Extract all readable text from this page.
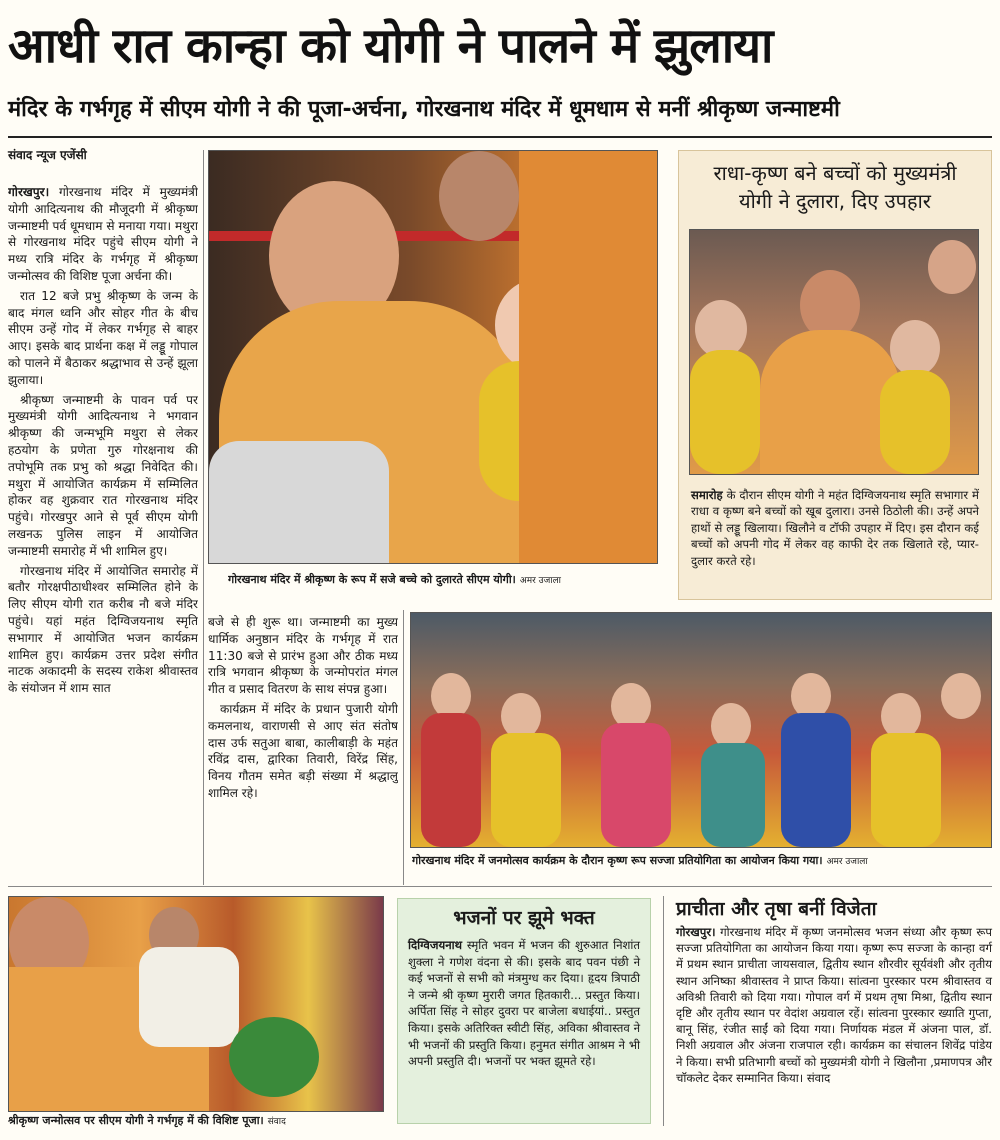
आधी रात कान्हा को योगी ने पालने में झुलाया
मंदिर के गर्भगृह में सीएम योगी ने की पूजा-अर्चना, गोरखनाथ मंदिर में धूमधाम से मनीं श्रीकृष्ण जन्माष्टमी
संवाद न्यूज एजेंसी

गोरखपुर। गोरखनाथ मंदिर में मुख्यमंत्री योगी आदित्यनाथ की मौजूदगी में श्रीकृष्ण जन्माष्टमी पर्व धूमधाम से मनाया गया। मथुरा से गोरखनाथ मंदिर पहुंचे सीएम योगी ने मध्य रात्रि मंदिर के गर्भगृह में श्रीकृष्ण जन्मोत्सव की विशिष्ट पूजा अर्चना की।

रात 12 बजे प्रभु श्रीकृष्ण के जन्म के बाद मंगल ध्वनि और सोहर गीत के बीच सीएम उन्हें गोद में लेकर गर्भगृह से बाहर आए। इसके बाद प्रार्थना कक्ष में लड्डू गोपाल को पालने में बैठाकर श्रद्धाभाव से उन्हें झूला झुलाया।

श्रीकृष्ण जन्माष्टमी के पावन पर्व पर मुख्यमंत्री योगी आदित्यनाथ ने भगवान श्रीकृष्ण की जन्मभूमि मथुरा से लेकर हठयोग के प्रणेता गुरु गोरक्षनाथ की तपोभूमि तक प्रभु को श्रद्धा निवेदित की। मथुरा में आयोजित कार्यक्रम में सम्मिलित होकर वह शुक्रवार रात गोरखनाथ मंदिर पहुंचे। गोरखपुर आने से पूर्व सीएम योगी लखनऊ पुलिस लाइन में आयोजित जन्माष्टमी समारोह में भी शामिल हुए।

गोरखनाथ मंदिर में आयोजित समारोह में बतौर गोरक्षपीठाधीश्वर सम्मिलित होने के लिए सीएम योगी रात करीब नौ बजे मंदिर पहुंचे। यहां महंत दिग्विजयनाथ स्मृति सभागार में आयोजित भजन कार्यक्रम शामिल हुए। कार्यक्रम उत्तर प्रदेश संगीत नाटक अकादमी के सदस्य राकेश श्रीवास्तव के संयोजन में शाम सात

गोरखनाथ मंदिर में श्रीकृष्ण के रूप में सजे बच्चे को दुलारते सीएम योगी। अमर उजाला
राधा-कृष्ण बने बच्चों को मुख्यमंत्री योगी ने दुलारा, दिए उपहार
समारोह के दौरान सीएम योगी ने महंत दिग्विजयनाथ स्मृति सभागार में राधा व कृष्ण बने बच्चों को खूब दुलारा। उनसे ठिठोली की। उन्हें अपने हाथों से लड्डू खिलाया। खिलौने व टॉफी उपहार में दिए। इस दौरान कई बच्चों को अपनी गोद में लेकर वह काफी देर तक खिलाते रहे, प्यार-दुलार करते रहे।

बजे से ही शुरू था। जन्माष्टमी का मुख्य धार्मिक अनुष्ठान मंदिर के गर्भगृह में रात 11:30 बजे से प्रारंभ हुआ और ठीक मध्य रात्रि भगवान श्रीकृष्ण के जन्मोपरांत मंगल गीत व प्रसाद वितरण के साथ संपन्न हुआ।

कार्यक्रम में मंदिर के प्रधान पुजारी योगी कमलनाथ, वाराणसी से आए संत संतोष दास उर्फ सतुआ बाबा, कालीबाड़ी के महंत रविंद्र दास, द्वारिका तिवारी, विरेंद्र सिंह, विनय गौतम समेत बड़ी संख्या में श्रद्धालु शामिल रहे।

गोरखनाथ मंदिर में जनमोत्सव कार्यक्रम के दौरान कृष्ण रूप सज्जा प्रतियोगिता का आयोजन किया गया। अमर उजाला
श्रीकृष्ण जन्मोत्सव पर सीएम योगी ने गर्भगृह में की विशिष्ट पूजा। संवाद
भजनों पर झूमे भक्त
दिग्विजयनाथ स्मृति भवन में भजन की शुरुआत निशांत शुक्ला ने गणेश वंदना से की। इसके बाद पवन पंछी ने कई भजनों से सभी को मंत्रमुग्ध कर दिया। हृदय त्रिपाठी ने जन्मे श्री कृष्ण मुरारी जगत हितकारी... प्रस्तुत किया। अर्पिता सिंह ने सोहर दुवरा पर बाजेला बधाईयां.. प्रस्तुत किया। इसके अतिरिक्त स्वीटी सिंह, अविका श्रीवास्तव ने भी भजनों की प्रस्तुति किया। हनुमत संगीत आश्रम ने भी अपनी प्रस्तुति दी। भजनों पर भक्त झूमते रहे।
प्राचीता और तृषा बनीं विजेता
गोरखपुर। गोरखनाथ मंदिर में कृष्ण जनमोत्सव भजन संध्या और कृष्ण रूप सज्जा प्रतियोगिता का आयोजन किया गया। कृष्ण रूप सज्जा के कान्हा वर्ग में प्रथम स्थान प्राचीता जायसवाल, द्वितीय स्थान शौरवीर सूर्यवंशी और तृतीय स्थान अनिष्का श्रीवास्तव ने प्राप्त किया। सांत्वना पुरस्कार परम श्रीवास्तव व अविश्री तिवारी को दिया गया। गोपाल वर्ग में प्रथम तृषा मिश्रा, द्वितीय स्थान दृष्टि और तृतीय स्थान पर वेदांश अग्रवाल रहें। सांत्वना पुरस्कार ख्याति गुप्ता, बानू सिंह, रंजीत साईं को दिया गया। निर्णायक मंडल में अंजना पाल, डॉ. निशी अग्रवाल और अंजना राजपाल रही। कार्यक्रम का संचालन शिवेंद्र पांडेय ने किया। सभी प्रतिभागी बच्चों को मुख्यमंत्री योगी ने खिलौना ,प्रमाणपत्र और चॉकलेट देकर सम्मानित किया। संवाद
